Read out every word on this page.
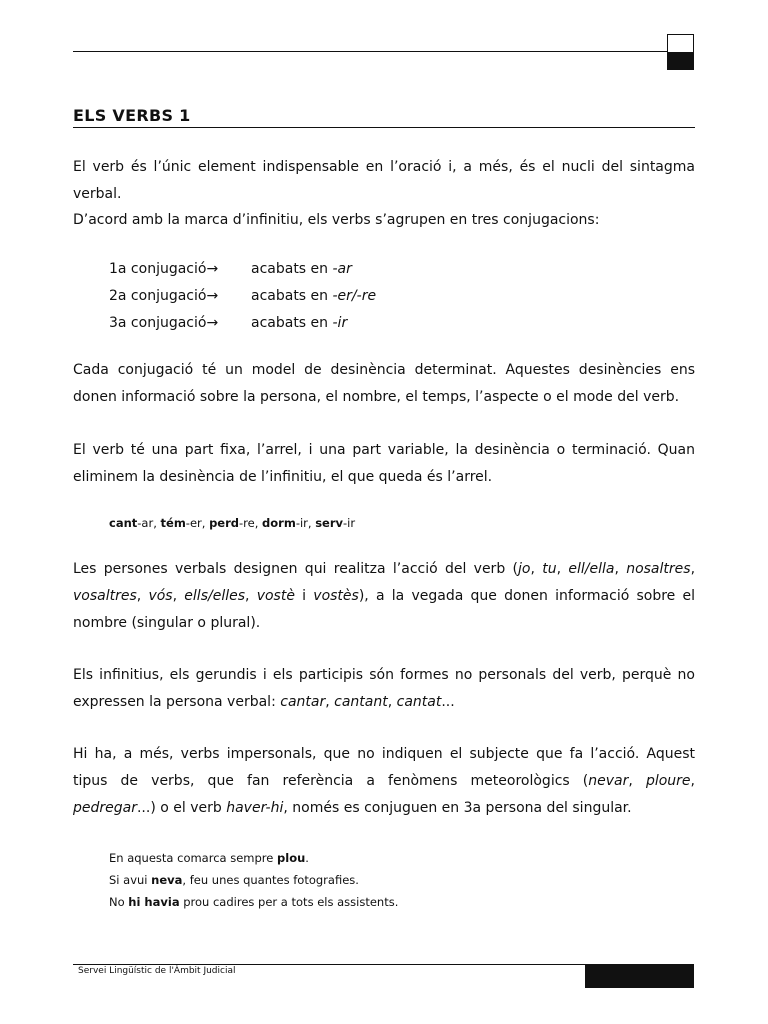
ELS VERBS 1

El verb és l’únic element indispensable en l’oració i, a més, és el nucli del sintagma verbal.

D’acord amb la marca d’infinitiu, els verbs s’agrupen en tres conjugacions:

1a conjugació→ acabats en -ar

2a conjugació→ acabats en -er/-re

3a conjugació→ acabats en -ir

Cada conjugació té un model de desinència determinat. Aquestes desinències ens donen informació sobre la persona, el nombre, el temps, l’aspecte o el mode del verb.

El verb té una part fixa, l’arrel, i una part variable, la desinència o terminació. Quan eliminem la desinència de l’infinitiu, el que queda és l’arrel.

cant-ar, tém-er, perd-re, dorm-ir, serv-ir

Les persones verbals designen qui realitza l’acció del verb (jo, tu, ell/ella, nosaltres, vosaltres, vós, ells/elles, vostè i vostès), a la vegada que donen informació sobre el nombre (singular o plural).

Els infinitius, els gerundis i els participis són formes no personals del verb, perquè no expressen la persona verbal: cantar, cantant, cantat...

Hi ha, a més, verbs impersonals, que no indiquen el subjecte que fa l’acció. Aquest tipus de verbs, que fan referència a fenòmens meteorològics (nevar, ploure, pedregar...) o el verb haver-hi, només es conjuguen en 3a persona del singular.

En aquesta comarca sempre plou.

Si avui neva, feu unes quantes fotografies.

No hi havia prou cadires per a tots els assistents.

Servei Lingüístic de l'Àmbit Judicial
